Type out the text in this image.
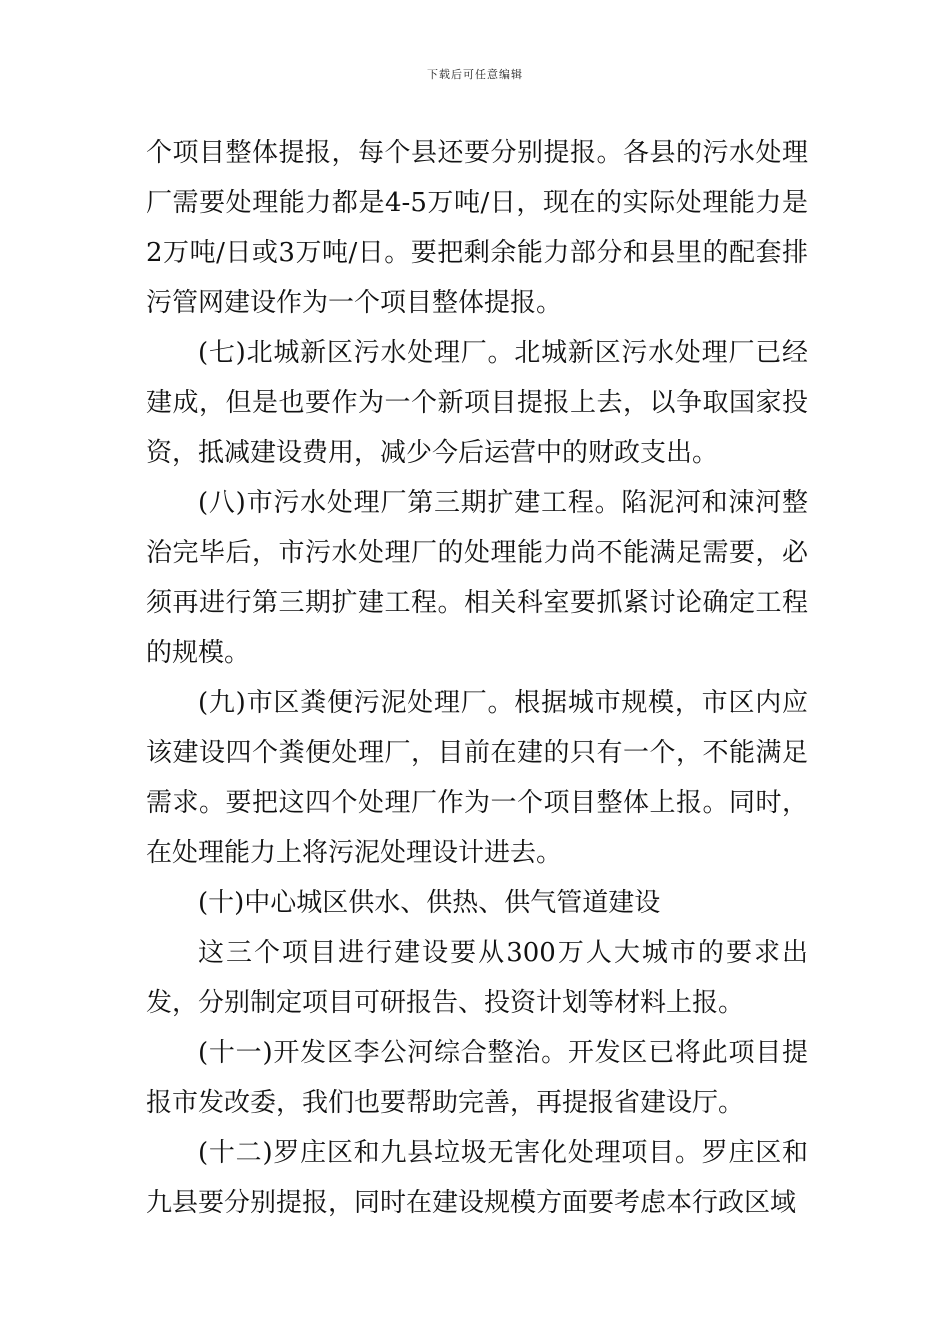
下载后可任意编辑

个项目整体提报，每个县还要分别提报。各县的污水处理厂需要处理能力都是4-5万吨/日，现在的实际处理能力是2万吨/日或3万吨/日。要把剩余能力部分和县里的配套排污管网建设作为一个项目整体提报。

(七)北城新区污水处理厂。北城新区污水处理厂已经建成，但是也要作为一个新项目提报上去，以争取国家投资，抵减建设费用，减少今后运营中的财政支出。

(八)市污水处理厂第三期扩建工程。陷泥河和涑河整治完毕后，市污水处理厂的处理能力尚不能满足需要，必须再进行第三期扩建工程。相关科室要抓紧讨论确定工程的规模。

(九)市区粪便污泥处理厂。根据城市规模，市区内应该建设四个粪便处理厂，目前在建的只有一个，不能满足需求。要把这四个处理厂作为一个项目整体上报。同时，在处理能力上将污泥处理设计进去。

(十)中心城区供水、供热、供气管道建设

这三个项目进行建设要从300万人大城市的要求出发，分别制定项目可研报告、投资计划等材料上报。

(十一)开发区李公河综合整治。开发区已将此项目提报市发改委，我们也要帮助完善，再提报省建设厅。

(十二)罗庄区和九县垃圾无害化处理项目。罗庄区和九县要分别提报，同时在建设规模方面要考虑本行政区域
